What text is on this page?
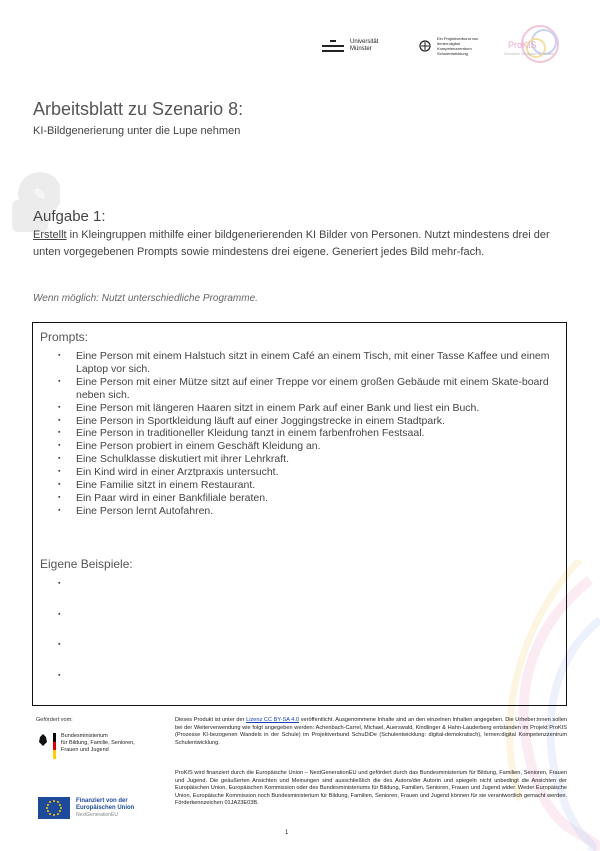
Universität
Münster
Ein Projektverbund von
lernen:digital
Kompetenzzentrum
Schulentwicklung
ProKIS
Künstliche Intelligenz in Schulen
Arbeitsblatt zu Szenario 8:
KI-Bildgenerierung unter die Lupe nehmen
✎
Aufgabe 1:
Erstellt in Kleingruppen mithilfe einer bildgenerierenden KI Bilder von Personen. Nutzt mindestens drei der unten vorgegebenen Prompts sowie mindestens drei eigene. Generiert jedes Bild mehr-fach.
Wenn möglich: Nutzt unterschiedliche Programme.
Prompts:
▪ Eine Person mit einem Halstuch sitzt in einem Café an einem Tisch, mit einer Tasse Kaffee und einem Laptop vor sich.
▪ Eine Person mit einer Mütze sitzt auf einer Treppe vor einem großen Gebäude mit einem Skate-board neben sich.
▪ Eine Person mit längeren Haaren sitzt in einem Park auf einer Bank und liest ein Buch.
▪ Eine Person in Sportkleidung läuft auf einer Joggingstrecke in einem Stadtpark.
▪ Eine Person in traditioneller Kleidung tanzt in einem farbenfrohen Festsaal.
▪ Eine Person probiert in einem Geschäft Kleidung an.
▪ Eine Schulklasse diskutiert mit ihrer Lehrkraft.
▪ Ein Kind wird in einer Arztpraxis untersucht.
▪ Eine Familie sitzt in einem Restaurant.
▪ Ein Paar wird in einer Bankfiliale beraten.
▪ Eine Person lernt Autofahren.
Eigene Beispiele:
▪
▪
▪
▪
Gefördert vom:
Bundesministerium
für Bildung, Familie, Senioren,
Frauen und Jugend
Finanziert von der
Europäischen Union
NextGenerationEU
Dieses Produkt ist unter der Lizenz CC BY-SA 4.0 veröffentlicht. Ausgenommene Inhalte sind an den einzelnen Inhalten angegeben. Die Urheber:innen sollen bei der Weiterverwendung wie folgt angegeben werden: Achenbach-Carrel, Michael, Auerswald, Kindlinger & Hahn-Lauderberg entstanden im Projekt ProKIS (Prozesse KI-bezogenen Wandels in der Schule) im Projektverbund SchuDiDe (Schulentwicklung: digital-demokratisch), lernen:digital Kompetenzzentrum Schulentwicklung.
ProKIS wird finanziert durch die Europäische Union – NextGenerationEU und gefördert durch das Bundesministerium für Bildung, Familien, Senioren, Frauen und Jugend. Die geäußerten Ansichten und Meinungen sind ausschließlich die des Autors/der Autorin und spiegeln nicht unbedingt die Ansichten der Europäischen Union, Europäischen Kommission oder des Bundesministeriums für Bildung, Familien, Senioren, Frauen und Jugend wider. Weder Europäische Union, Europäische Kommission noch Bundesministerium für Bildung, Familien, Senioren, Frauen und Jugend können für sie verantwortlich gemacht werden. Förderkennzeichen 01JA23E03B.
1
